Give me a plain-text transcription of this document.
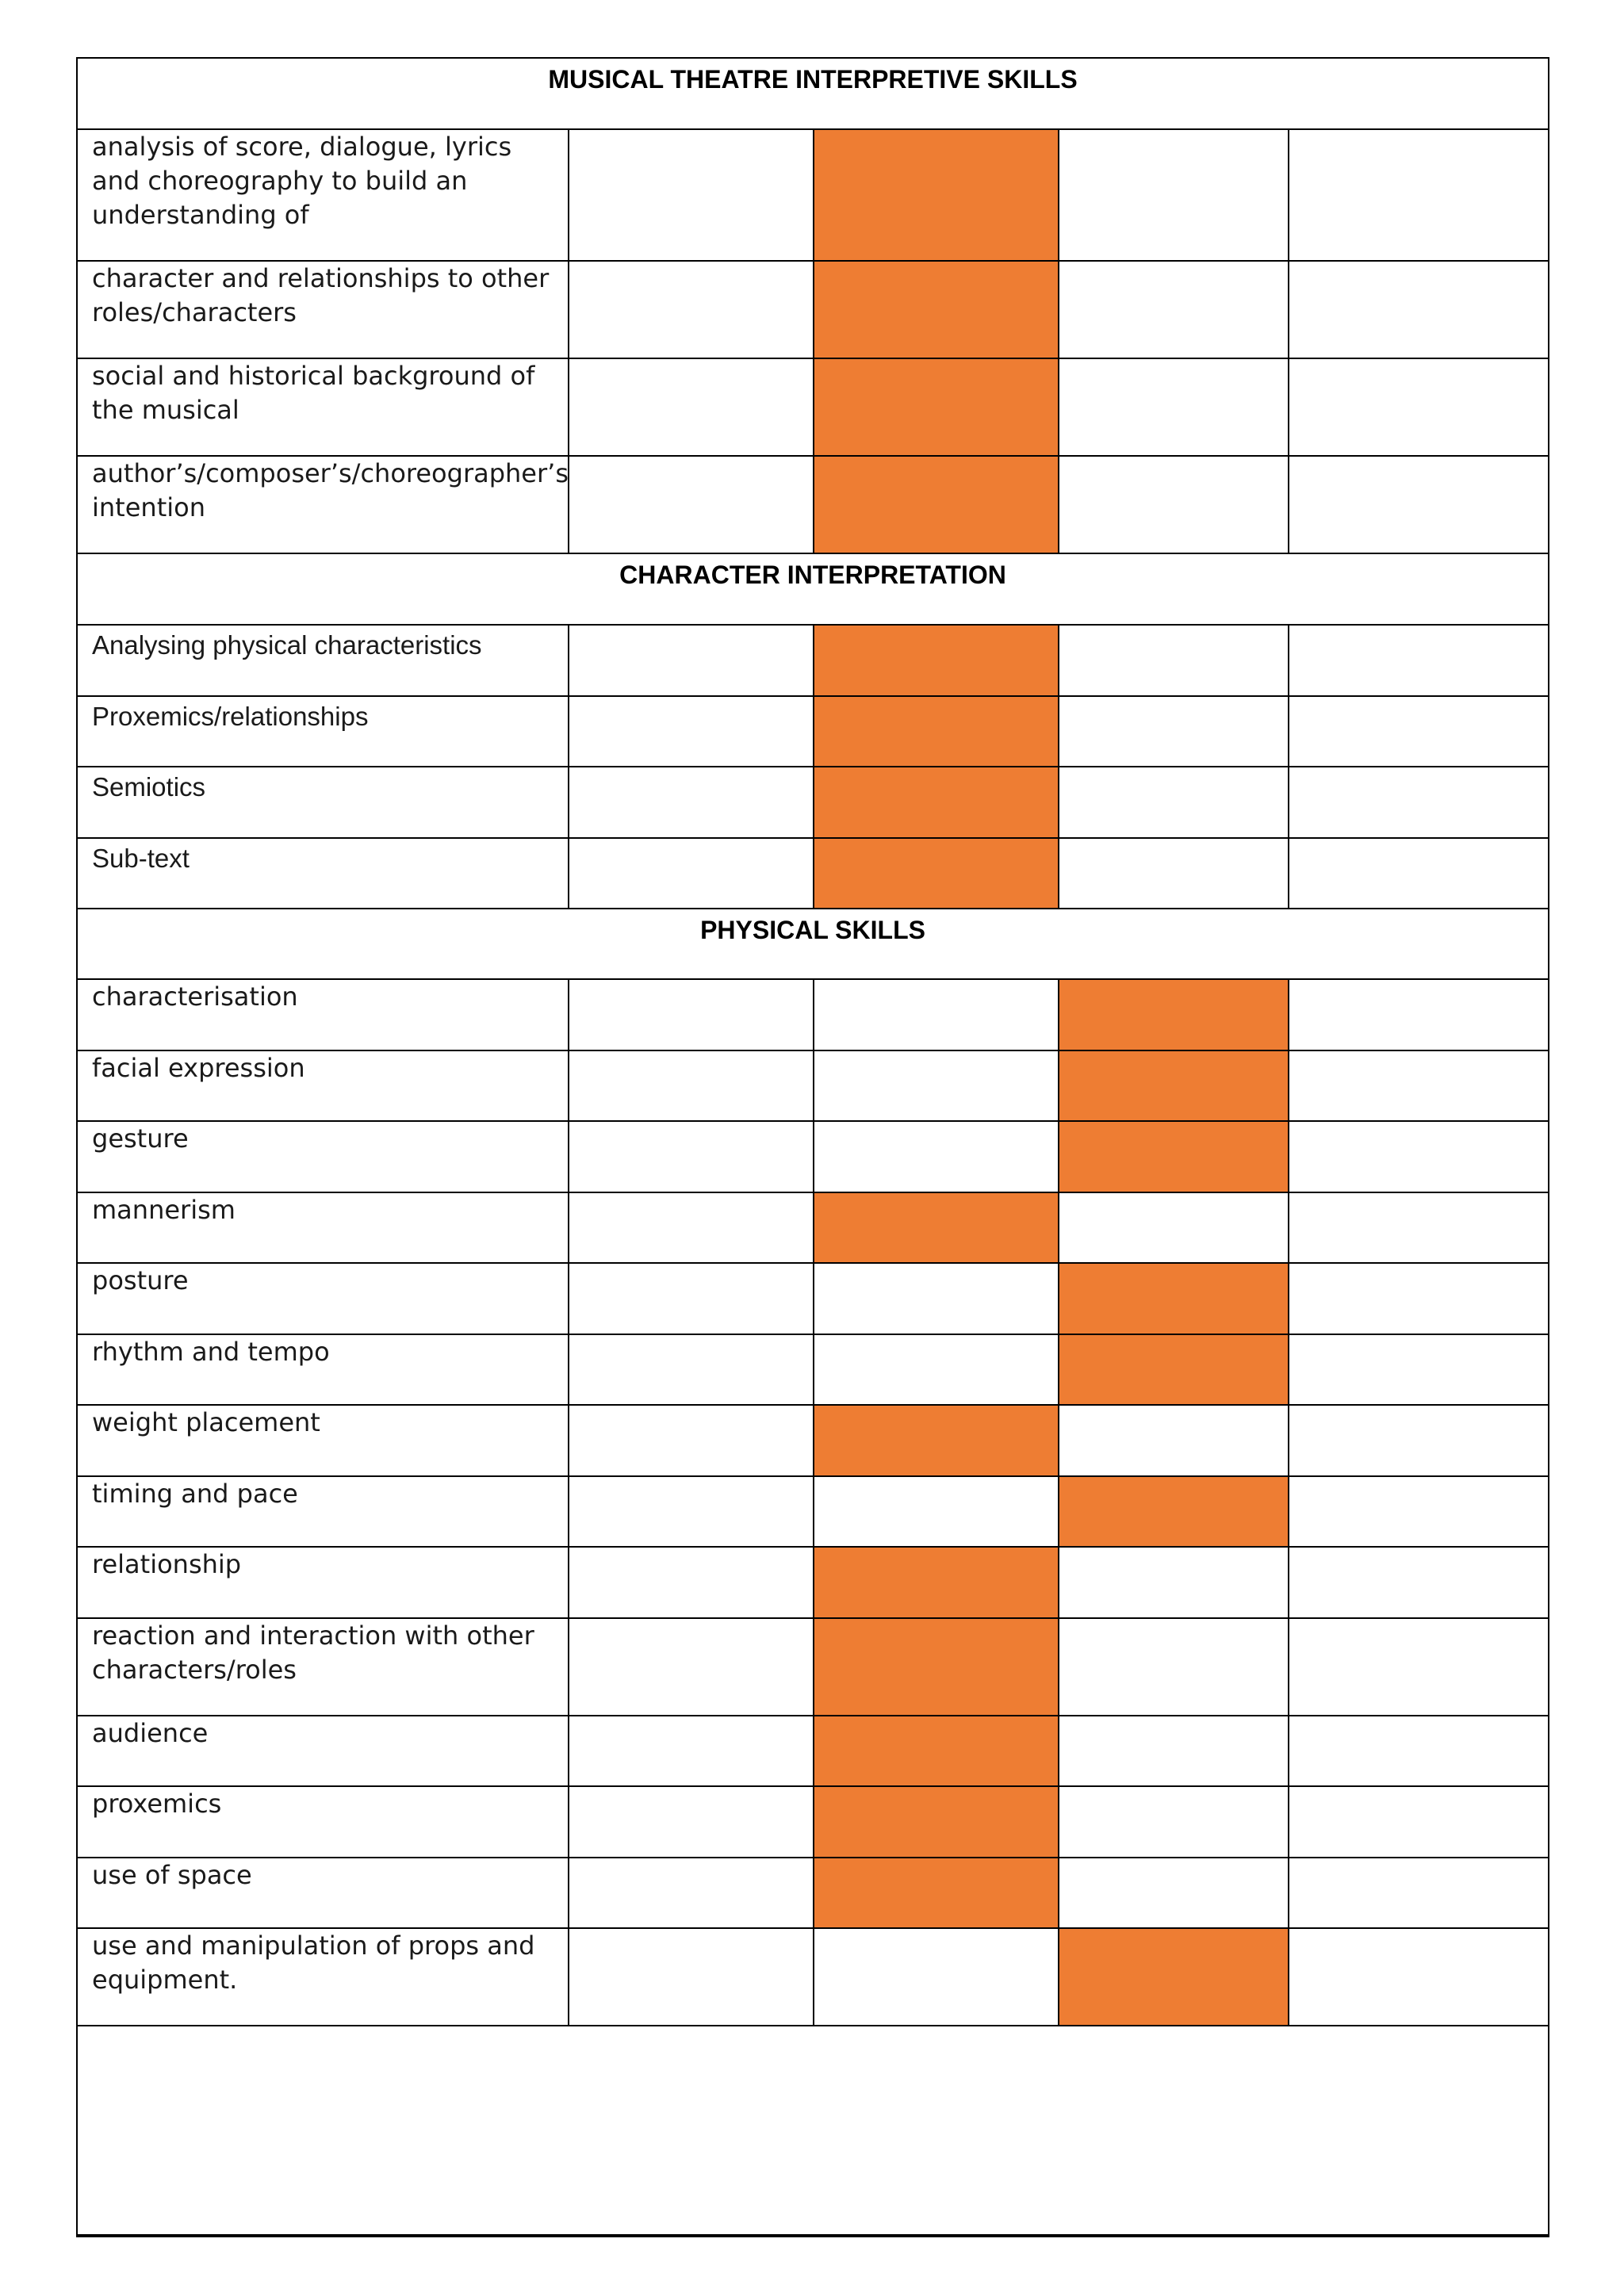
MUSICAL THEATRE INTERPRETIVE SKILLS				
analysis of score, dialogue, lyrics and choreography to build an understanding of				
character and relationships to other roles/characters				
social and historical background of the musical				
author’s/composer’s/choreographer’s intention				
CHARACTER INTERPRETATION				
Analysing physical characteristics				
Proxemics/relationships				
Semiotics				
Sub-text				
PHYSICAL SKILLS				
characterisation				
facial expression				
gesture				
mannerism				
posture				
rhythm and tempo				
weight placement				
timing and pace				
relationship				
reaction and interaction with other characters/roles				
audience				
proxemics				
use of space				
use and manipulation of props and equipment.				
